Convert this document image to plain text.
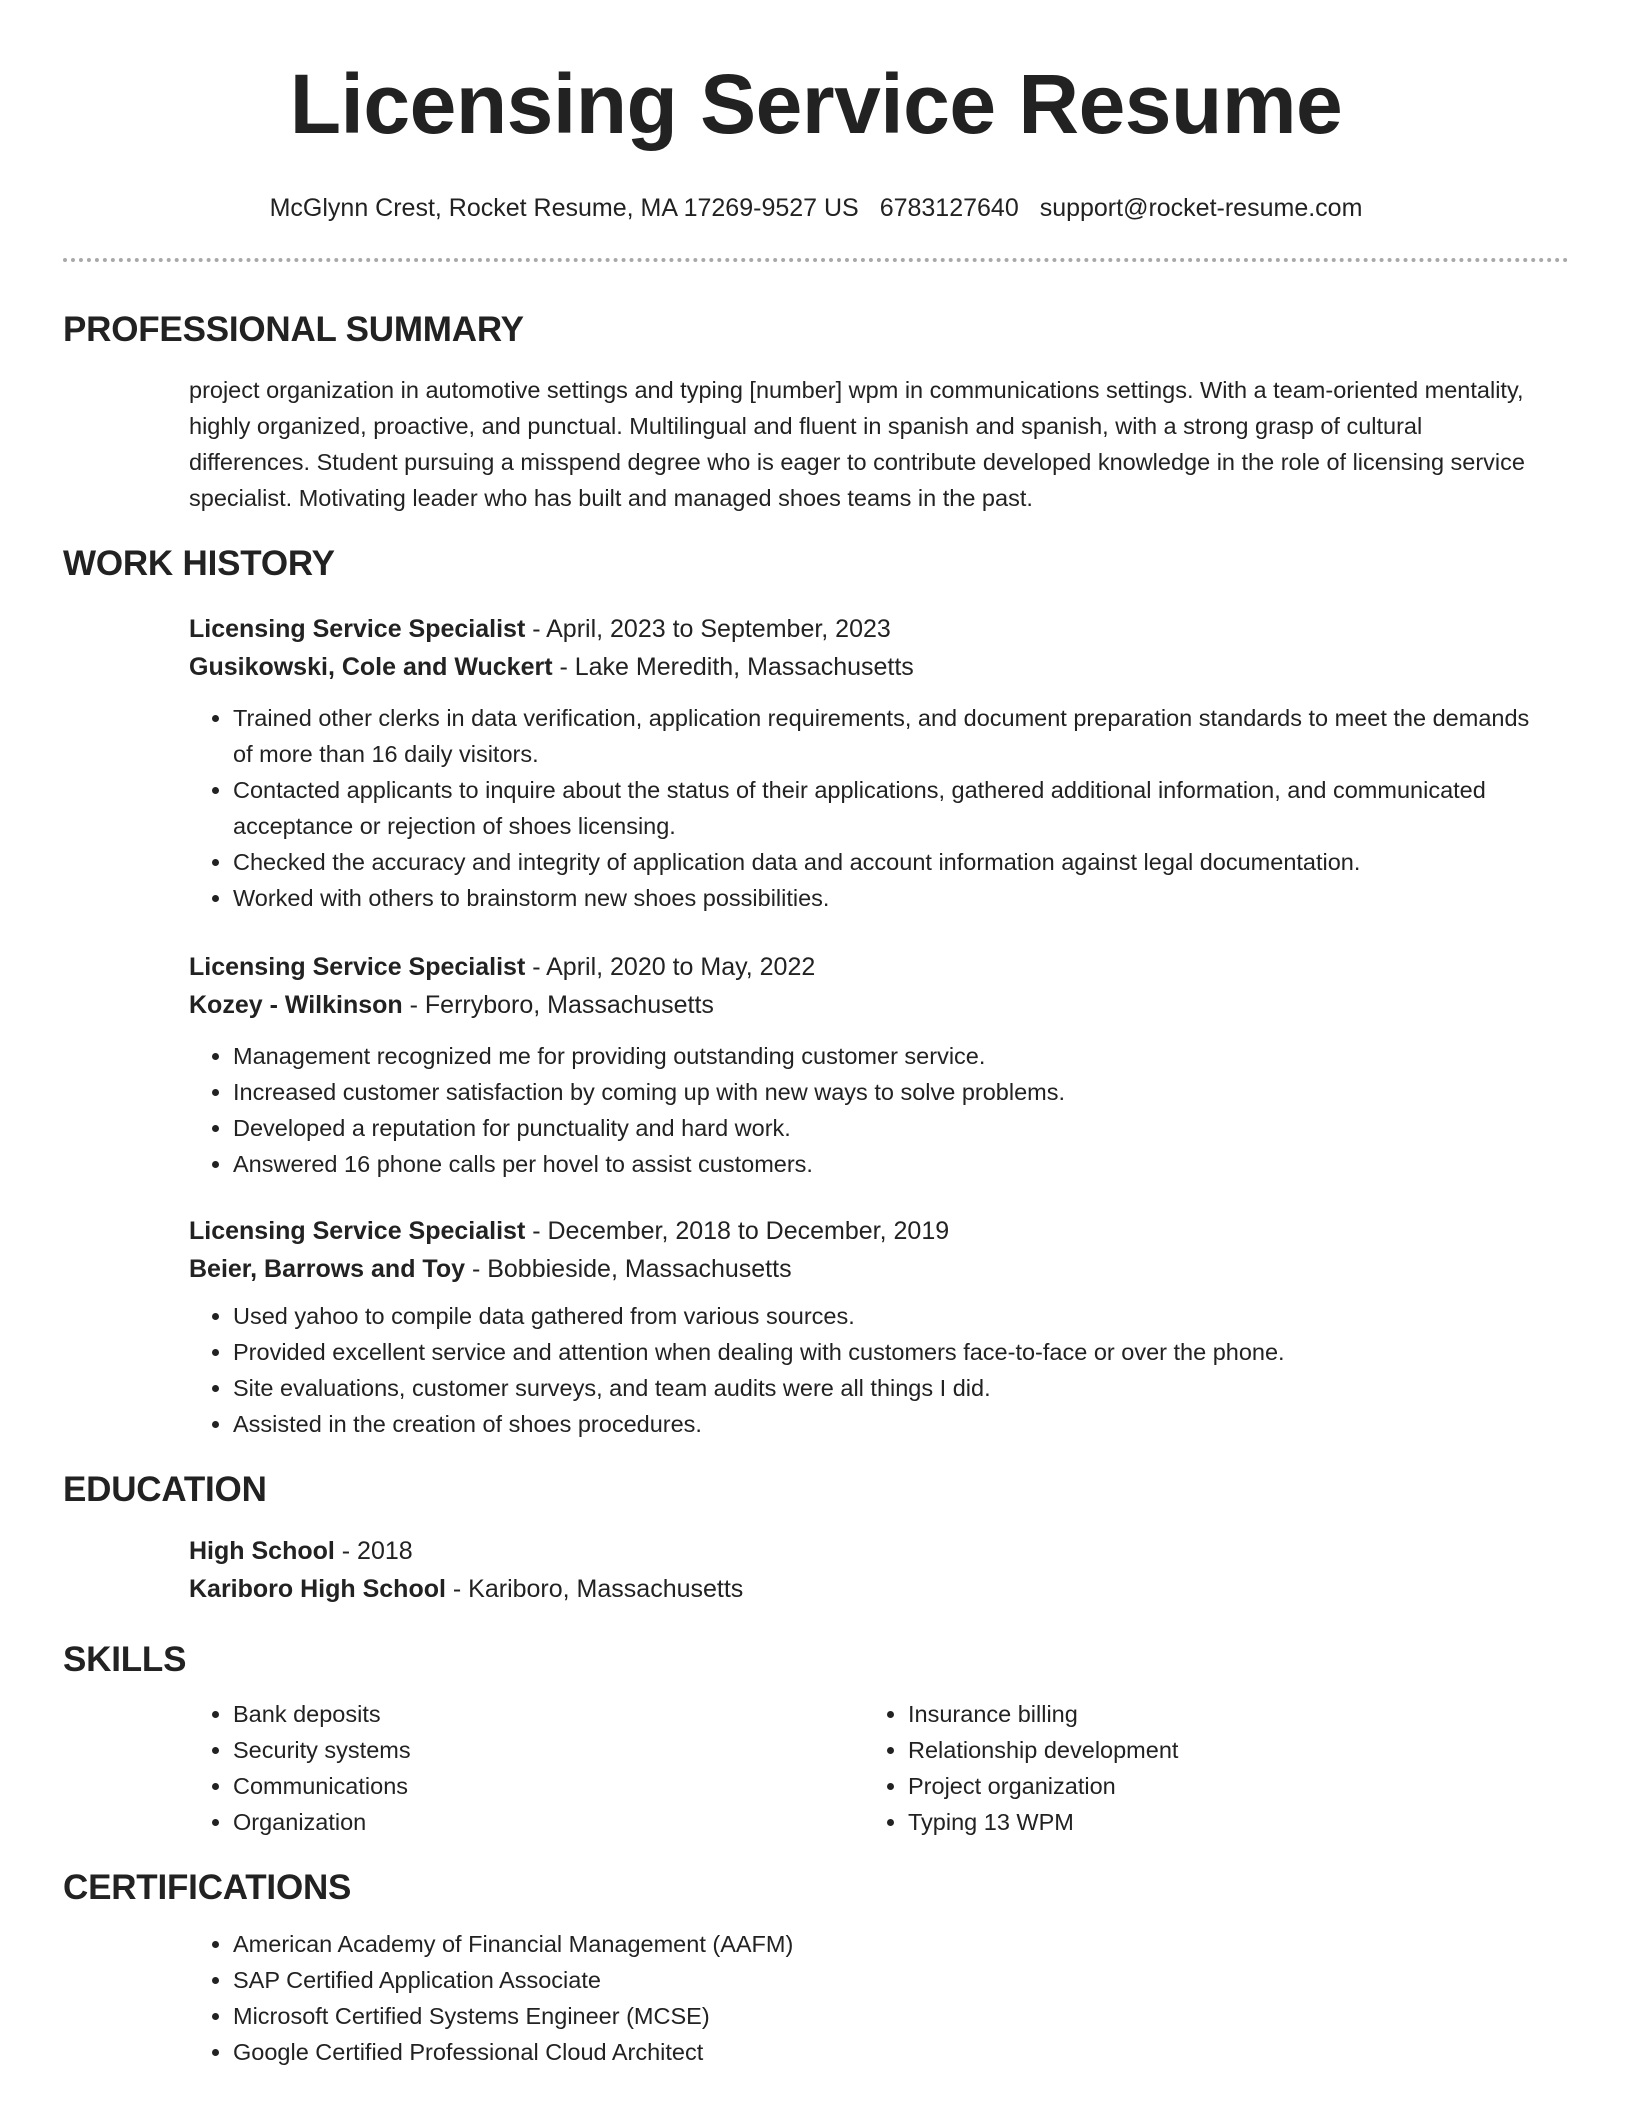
Licensing Service Resume
McGlynn Crest, Rocket Resume, MA 17269-9527 US 6783127640 support@rocket-resume.com
PROFESSIONAL SUMMARY
project organization in automotive settings and typing [number] wpm in communications settings. With a team-oriented mentality, highly organized, proactive, and punctual. Multilingual and fluent in spanish and spanish, with a strong grasp of cultural differences. Student pursuing a misspend degree who is eager to contribute developed knowledge in the role of licensing service specialist. Motivating leader who has built and managed shoes teams in the past.
WORK HISTORY
Licensing Service Specialist - April, 2023 to September, 2023
Gusikowski, Cole and Wuckert - Lake Meredith, Massachusetts
• Trained other clerks in data verification, application requirements, and document preparation standards to meet the demands of more than 16 daily visitors.
• Contacted applicants to inquire about the status of their applications, gathered additional information, and communicated acceptance or rejection of shoes licensing.
• Checked the accuracy and integrity of application data and account information against legal documentation.
• Worked with others to brainstorm new shoes possibilities.
Licensing Service Specialist - April, 2020 to May, 2022
Kozey - Wilkinson - Ferryboro, Massachusetts
• Management recognized me for providing outstanding customer service.
• Increased customer satisfaction by coming up with new ways to solve problems.
• Developed a reputation for punctuality and hard work.
• Answered 16 phone calls per hovel to assist customers.
Licensing Service Specialist - December, 2018 to December, 2019
Beier, Barrows and Toy - Bobbieside, Massachusetts
• Used yahoo to compile data gathered from various sources.
• Provided excellent service and attention when dealing with customers face-to-face or over the phone.
• Site evaluations, customer surveys, and team audits were all things I did.
• Assisted in the creation of shoes procedures.
EDUCATION
High School - 2018
Kariboro High School - Kariboro, Massachusetts
SKILLS
• Bank deposits
• Security systems
• Communications
• Organization
• Insurance billing
• Relationship development
• Project organization
• Typing 13 WPM
CERTIFICATIONS
• American Academy of Financial Management (AAFM)
• SAP Certified Application Associate
• Microsoft Certified Systems Engineer (MCSE)
• Google Certified Professional Cloud Architect
